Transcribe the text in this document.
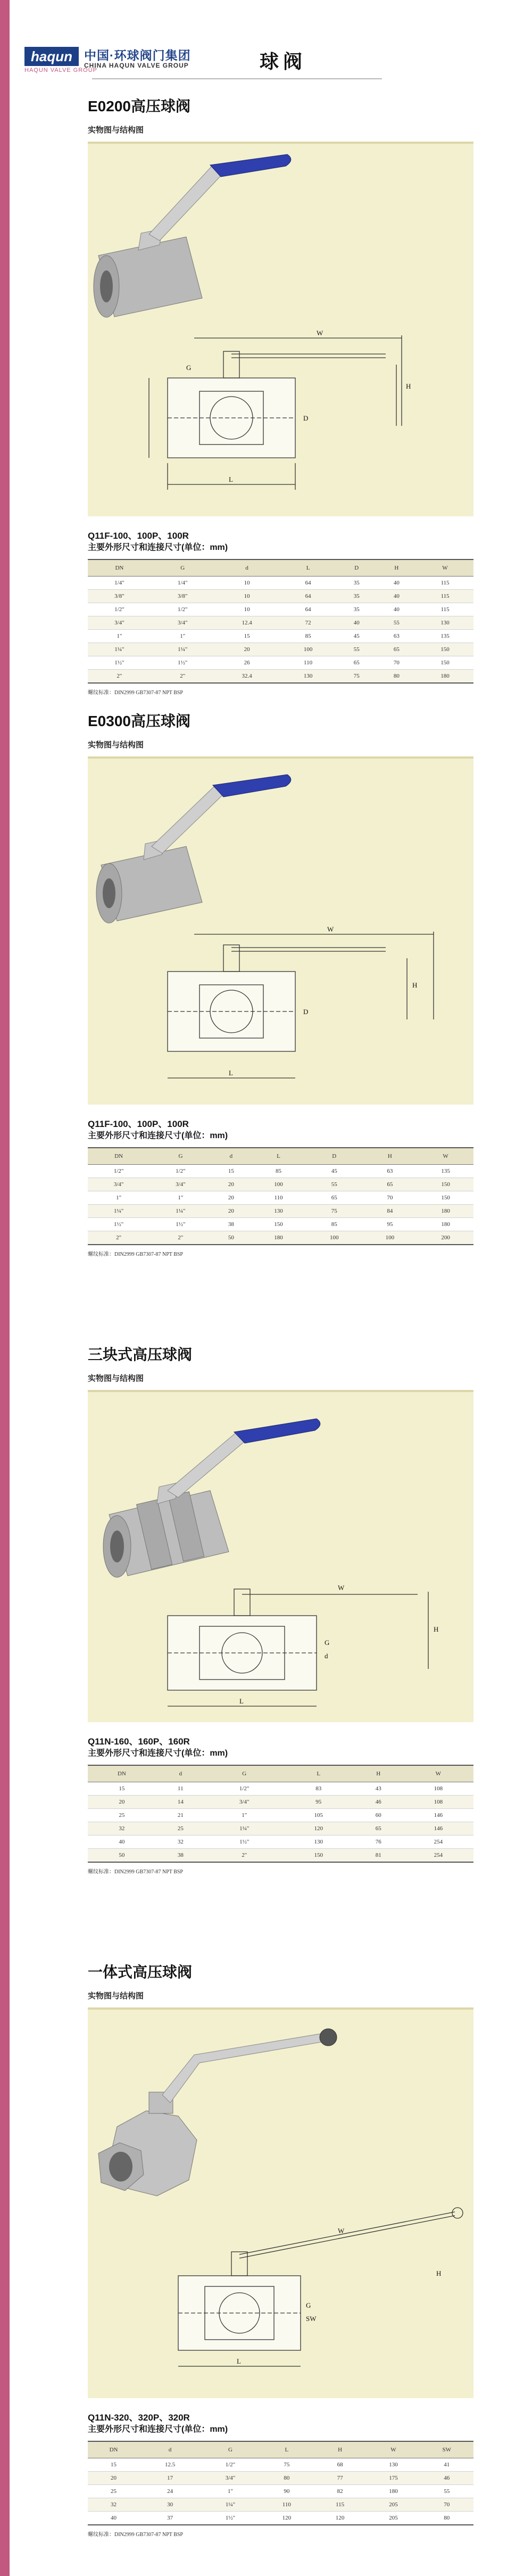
haqun
HAQUN VALVE GROUP
中国·环球阀门集团
CHINA HAQUN VALVE GROUP	球阀
E0200高压球阀
实物图与结构图
W
H
L
G
D
Q11F-100、100P、100R
主要外形尺寸和连接尺寸(单位：mm)
DN	G	d	L	D	H	W
1/4"	1/4"	10	64	35	40	115
3/8"	3/8"	10	64	35	40	115
1/2"	1/2"	10	64	35	40	115
3/4"	3/4"	12.4	72	40	55	130
1"	1"	15	85	45	63	135
1¼"	1¼"	20	100	55	65	150
1½"	1½"	26	110	65	70	150
2"	2"	32.4	130	75	80	180
螺纹标准：DIN2999 GB7307-87 NPT BSP
E0300高压球阀
实物图与结构图
W
H
L
D
Q11F-100、100P、100R
主要外形尺寸和连接尺寸(单位：mm)
DN	G	d	L	D	H	W
1/2"	1/2"	15	85	45	63	135
3/4"	3/4"	20	100	55	65	150
1"	1"	20	110	65	70	150
1¼"	1¼"	20	130	75	84	180
1½"	1½"	38	150	85	95	180
2"	2"	50	180	100	100	200
螺纹标准：DIN2999 GB7307-87 NPT BSP
三块式高压球阀
实物图与结构图
W
H
L
G
d
Q11N-160、160P、160R
主要外形尺寸和连接尺寸(单位：mm)
DN	d	G	L	H	W
15	11	1/2"	83	43	108
20	14	3/4"	95	46	108
25	21	1"	105	60	146
32	25	1¼"	120	65	146
40	32	1½"	130	76	254
50	38	2"	150	81	254
螺纹标准：DIN2999 GB7307-87 NPT BSP
一体式高压球阀
实物图与结构图
W
H
L
G
SW
Q11N-320、320P、320R
主要外形尺寸和连接尺寸(单位：mm)
DN	d	G	L	H	W	SW
15	12.5	1/2"	75	68	130	41
20	17	3/4"	80	77	175	46
25	24	1"	90	82	180	55
32	30	1¼"	110	115	205	70
40	37	1½"	120	120	205	80
螺纹标准：DIN2999 GB7307-87 NPT BSP
